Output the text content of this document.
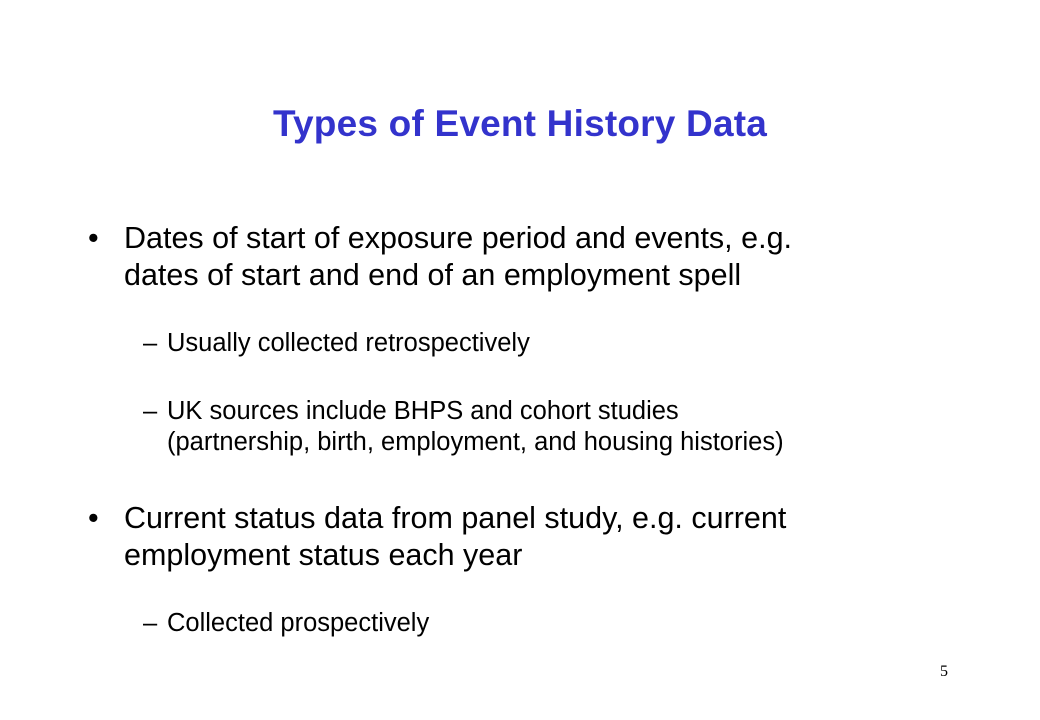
Types of Event History Data
• Dates of start of exposure period and events, e.g.
dates of start and end of an employment spell
– Usually collected retrospectively
– UK sources include BHPS and cohort studies
(partnership, birth, employment, and housing histories)
• Current status data from panel study, e.g. current
employment status each year
– Collected prospectively
5
